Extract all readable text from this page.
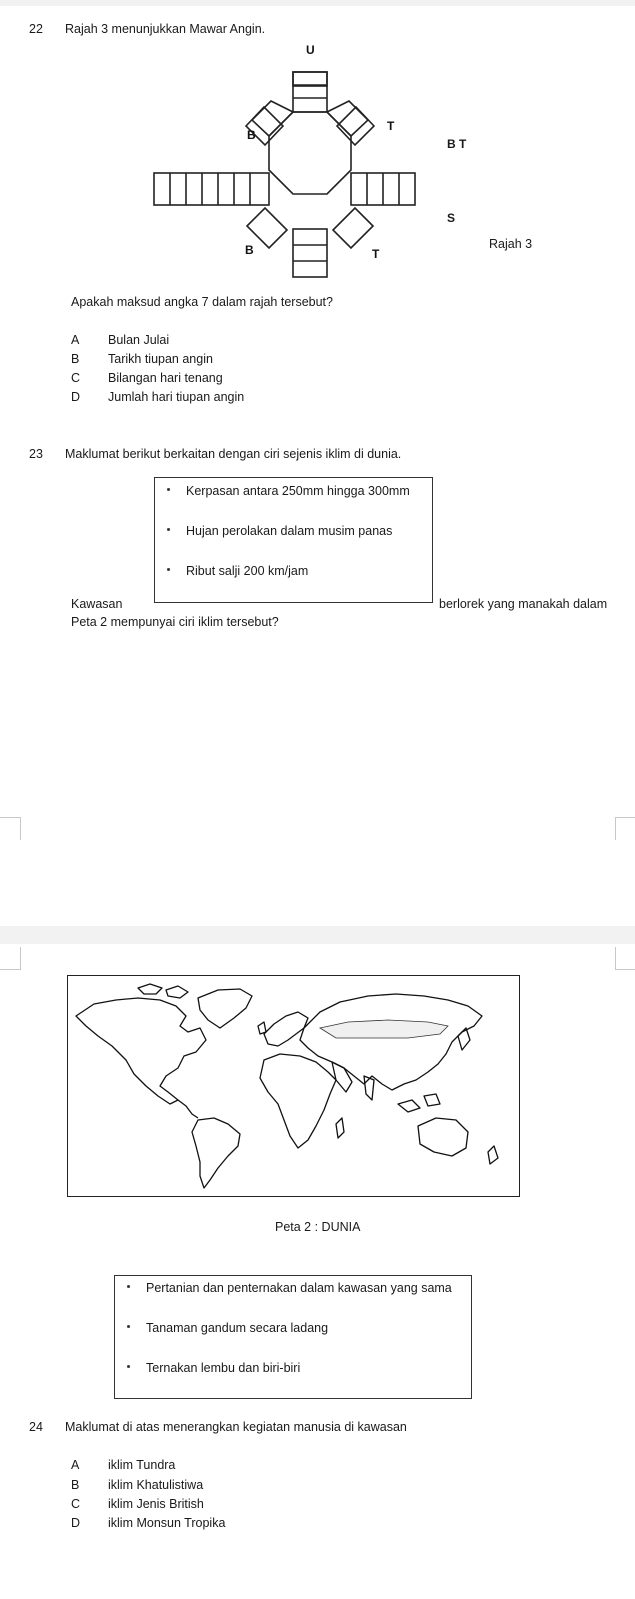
22 Rajah 3 menunjukkan Mawar Angin.
U
B
T
B	T
B T
S
Rajah 3
Apakah maksud angka 7 dalam rajah tersebut?
A Bulan Julai
B Tarikh tiupan angin
C Bilangan hari tenang
D Jumlah hari tiupan angin
23 Maklumat berikut berkaitan dengan ciri sejenis iklim di dunia.
Kerpasan antara 250mm hingga 300mm
Hujan perolakan dalam musim panas
Ribut salji 200 km/jam
Kawasan	berlorek yang manakah dalam
Peta 2 mempunyai ciri iklim tersebut?
Peta 2 : DUNIA
Pertanian dan penternakan dalam kawasan yang sama
Tanaman gandum secara ladang
Ternakan lembu dan biri-biri
24 Maklumat di atas menerangkan kegiatan manusia di kawasan
A iklim Tundra
B iklim Khatulistiwa
C iklim Jenis British
D iklim Monsun Tropika
